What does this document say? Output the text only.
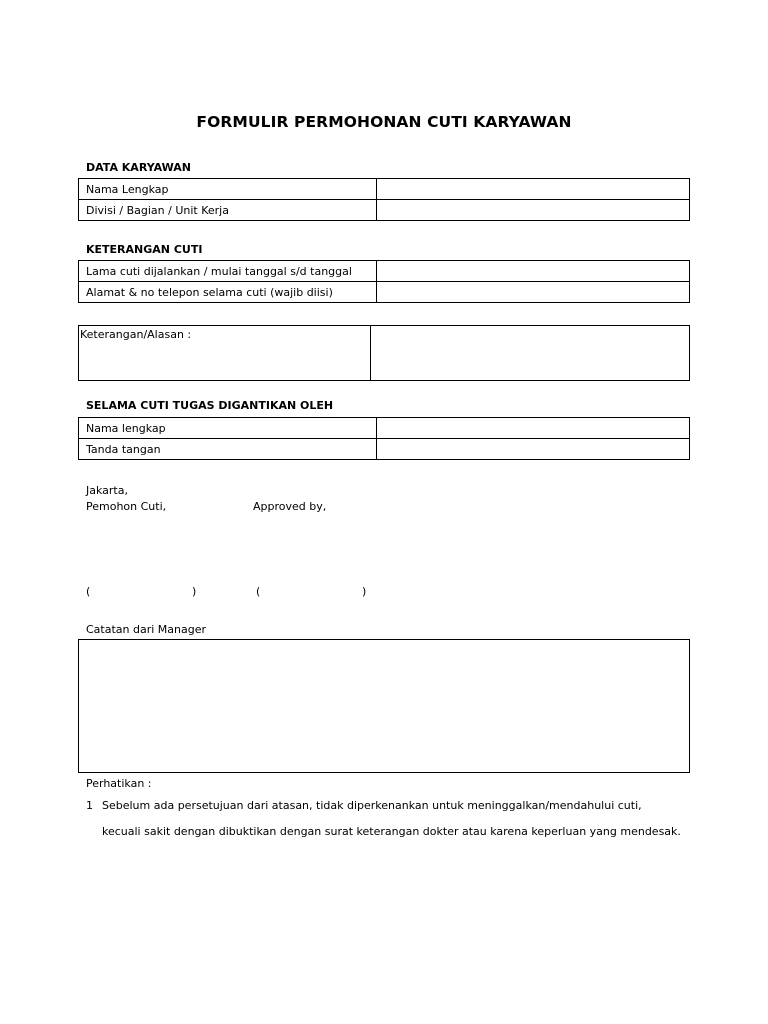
FORMULIR PERMOHONAN CUTI KARYAWAN
DATA KARYAWAN
Nama Lengkap	
Divisi / Bagian / Unit Kerja	
KETERANGAN CUTI
Lama cuti dijalankan / mulai tanggal s/d tanggal	
Alamat & no telepon selama cuti (wajib diisi)	
Keterangan/Alasan :	
SELAMA CUTI TUGAS DIGANTIKAN OLEH
Nama lengkap	
Tanda tangan	
Jakarta,
Pemohon Cuti,	Approved by,
(	)	(	)
Catatan dari Manager
Perhatikan :
1 Sebelum ada persetujuan dari atasan, tidak diperkenankan untuk meninggalkan/mendahului cuti,
kecuali sakit dengan dibuktikan dengan surat keterangan dokter atau karena keperluan yang mendesak.
